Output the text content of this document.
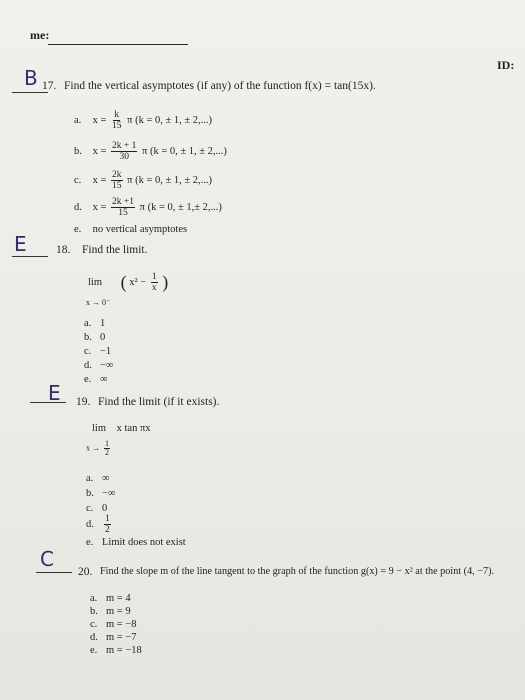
me:
ID:
B 17. Find the vertical asymptotes (if any) of the function f(x) = tan(15x).
a. $x = \frac{k}{15}$ π (k = 0, ± 1, ± 2,...)
b. $x = \frac{2k + 1}{30}$ π (k = 0, ± 1, ± 2,...)
c. $x = \frac{2k}{15}$ π (k = 0, ± 1, ± 2,...)
d. $x = \frac{2k +1}{15}$ π (k = 0, ± 1,± 2,...)
e. no vertical asymptotes
E	18. Find the limit.
lim ( $x^2 - \frac{1}{x}$ )
x → 0⁻
a. 1
b. 0
c. −1
d. −∞
e. ∞
E 19. Find the limit (if it exists).
lim x tan πx
$x \to \frac{1}{2}$
a. ∞
b. −∞
c. 0
d. $\frac{1}{2}$
e. Limit does not exist
C
20. Find the slope m of the line tangent to the graph of the function g(x) = 9 − x² at the point (4, −7).
a. m = 4
b. m = 9
c. m = −8
d. m = −7
e. m = −18
